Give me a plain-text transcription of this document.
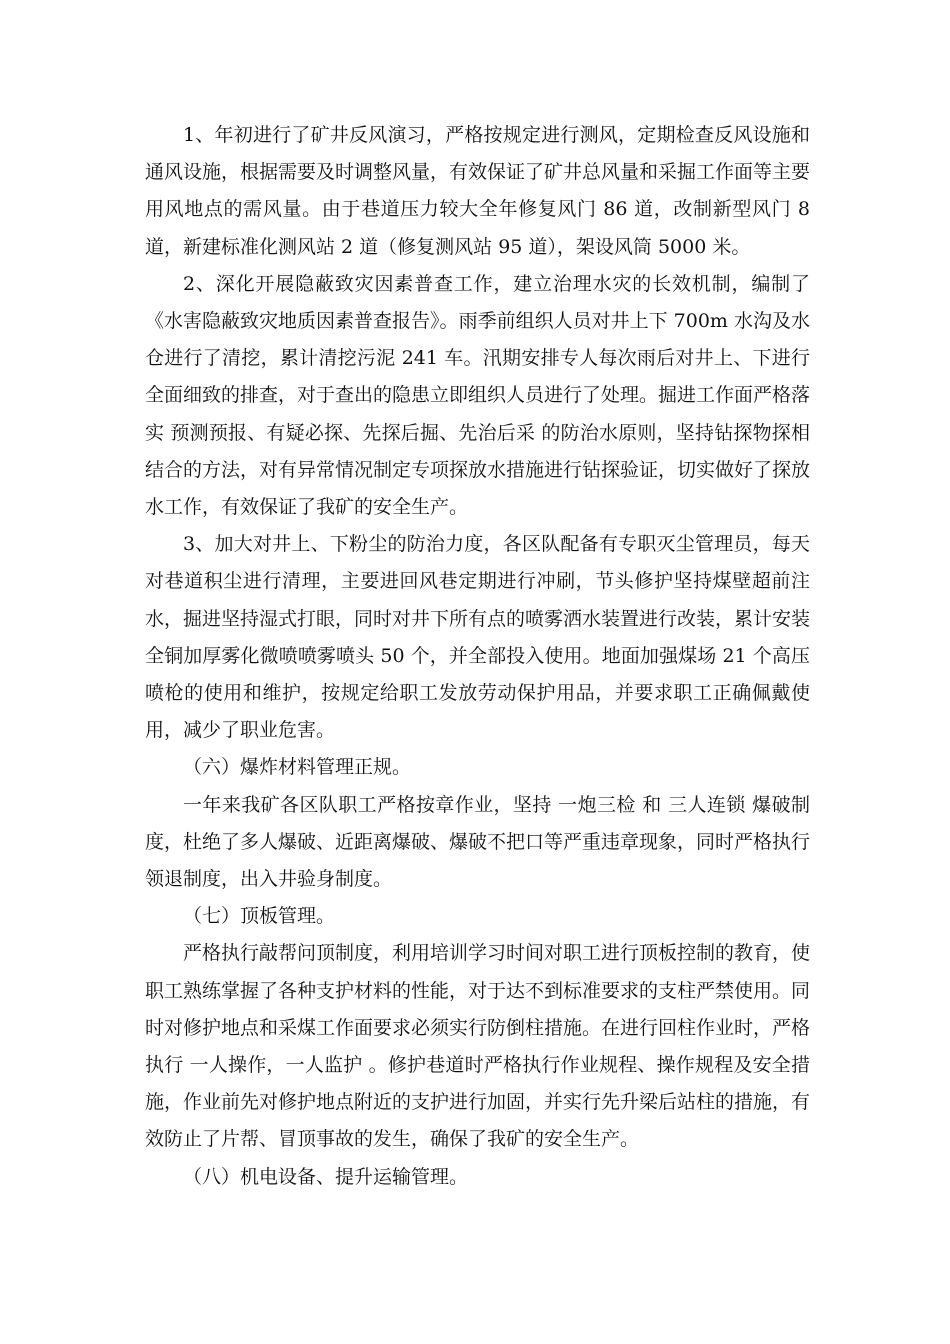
1、年初进行了矿井反风演习，严格按规定进行测风，定期检查反风设施和通风设施，根据需要及时调整风量，有效保证了矿井总风量和采掘工作面等主要用风地点的需风量。由于巷道压力较大全年修复风门 86 道，改制新型风门 8 道，新建标准化测风站 2 道（修复测风站 95 道），架设风筒 5000 米。

2、深化开展隐蔽致灾因素普查工作，建立治理水灾的长效机制，编制了《水害隐蔽致灾地质因素普查报告》。雨季前组织人员对井上下 700m 水沟及水仓进行了清挖，累计清挖污泥 241 车。汛期安排专人每次雨后对井上、下进行全面细致的排查，对于查出的隐患立即组织人员进行了处理。掘进工作面严格落实 预测预报、有疑必探、先探后掘、先治后采 的防治水原则，坚持钻探物探相结合的方法，对有异常情况制定专项探放水措施进行钻探验证，切实做好了探放水工作，有效保证了我矿的安全生产。

3、加大对井上、下粉尘的防治力度，各区队配备有专职灭尘管理员，每天对巷道积尘进行清理，主要进回风巷定期进行冲刷，节头修护坚持煤壁超前注水，掘进坚持湿式打眼，同时对井下所有点的喷雾洒水装置进行改装，累计安装全铜加厚雾化微喷喷雾喷头 50 个，并全部投入使用。地面加强煤场 21 个高压喷枪的使用和维护，按规定给职工发放劳动保护用品，并要求职工正确佩戴使用，减少了职业危害。

（六）爆炸材料管理正规。

一年来我矿各区队职工严格按章作业，坚持 一炮三检 和 三人连锁 爆破制度，杜绝了多人爆破、近距离爆破、爆破不把口等严重违章现象，同时严格执行领退制度，出入井验身制度。

（七）顶板管理。

严格执行敲帮问顶制度，利用培训学习时间对职工进行顶板控制的教育，使职工熟练掌握了各种支护材料的性能，对于达不到标准要求的支柱严禁使用。同时对修护地点和采煤工作面要求必须实行防倒柱措施。在进行回柱作业时，严格执行 一人操作，一人监护 。修护巷道时严格执行作业规程、操作规程及安全措施，作业前先对修护地点附近的支护进行加固，并实行先升梁后站柱的措施，有效防止了片帮、冒顶事故的发生，确保了我矿的安全生产。

（八）机电设备、提升运输管理。
